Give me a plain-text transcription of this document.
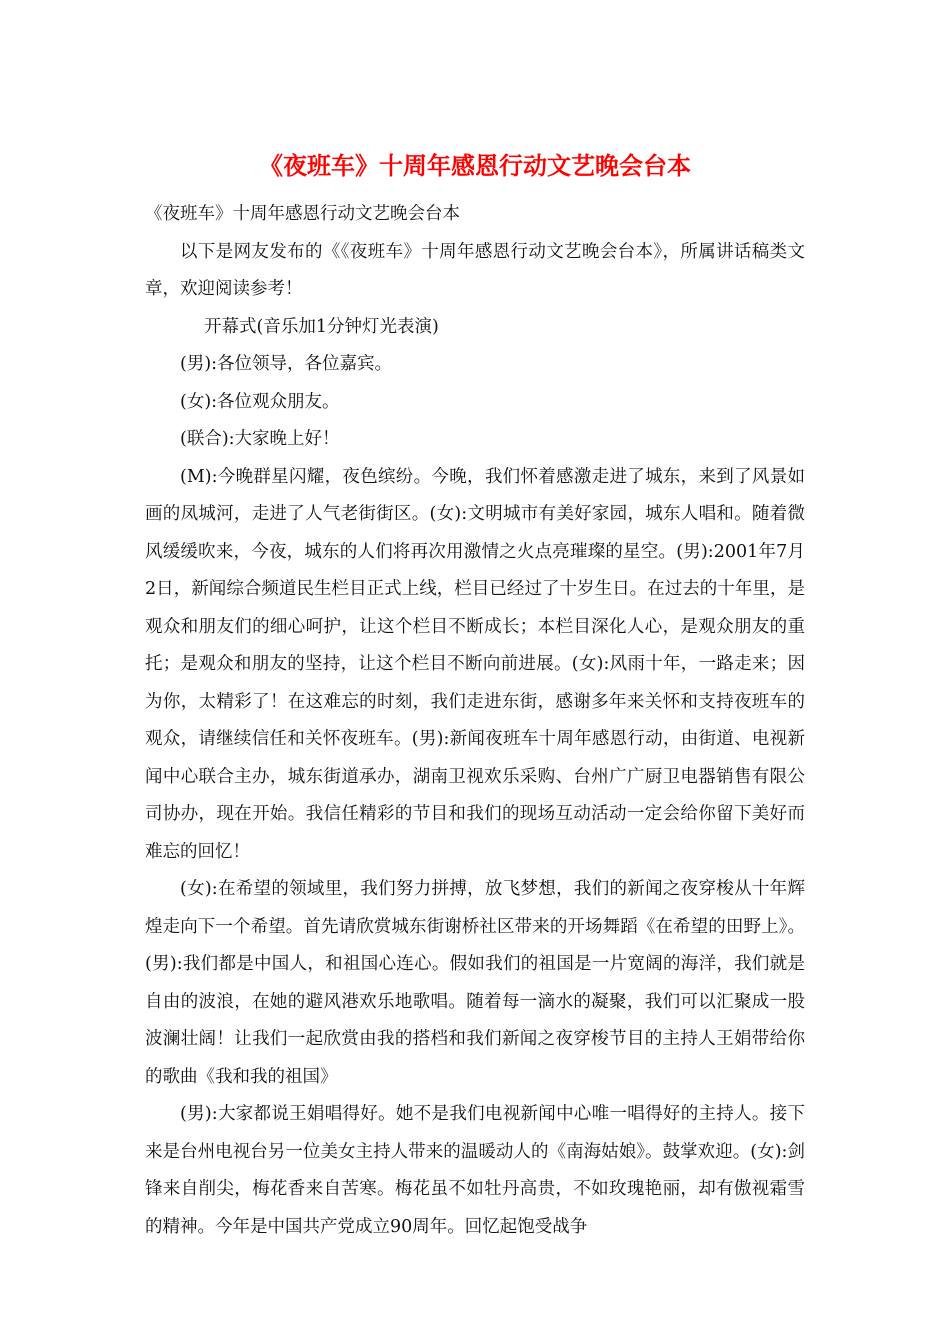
《夜班车》十周年感恩行动文艺晚会台本

《夜班车》十周年感恩行动文艺晚会台本

以下是网友发布的《《夜班车》十周年感恩行动文艺晚会台本》，所属讲话稿类文章，欢迎阅读参考！

开幕式(音乐加1分钟灯光表演)

(男):各位领导，各位嘉宾。

(女):各位观众朋友。

(联合):大家晚上好！

(M):今晚群星闪耀，夜色缤纷。今晚，我们怀着感激走进了城东，来到了风景如画的凤城河，走进了人气老街街区。(女):文明城市有美好家园，城东人唱和。随着微风缓缓吹来，今夜，城东的人们将再次用激情之火点亮璀璨的星空。(男):2001年7月2日，新闻综合频道民生栏目正式上线，栏目已经过了十岁生日。在过去的十年里，是观众和朋友们的细心呵护，让这个栏目不断成长；本栏目深化人心，是观众朋友的重托；是观众和朋友的坚持，让这个栏目不断向前进展。(女):风雨十年，一路走来；因为你，太精彩了！在这难忘的时刻，我们走进东街，感谢多年来关怀和支持夜班车的观众，请继续信任和关怀夜班车。(男):新闻夜班车十周年感恩行动，由街道、电视新闻中心联合主办，城东街道承办，湖南卫视欢乐采购、台州广广厨卫电器销售有限公司协办，现在开始。我信任精彩的节目和我们的现场互动活动一定会给你留下美好而难忘的回忆！

(女):在希望的领域里，我们努力拼搏，放飞梦想，我们的新闻之夜穿梭从十年辉煌走向下一个希望。首先请欣赏城东街谢桥社区带来的开场舞蹈《在希望的田野上》。(男):我们都是中国人，和祖国心连心。假如我们的祖国是一片宽阔的海洋，我们就是自由的波浪，在她的避风港欢乐地歌唱。随着每一滴水的凝聚，我们可以汇聚成一股波澜壮阔！让我们一起欣赏由我的搭档和我们新闻之夜穿梭节目的主持人王娟带给你的歌曲《我和我的祖国》

(男):大家都说王娟唱得好。她不是我们电视新闻中心唯一唱得好的主持人。接下来是台州电视台另一位美女主持人带来的温暖动人的《南海姑娘》。鼓掌欢迎。(女):剑锋来自削尖，梅花香来自苦寒。梅花虽不如牡丹高贵，不如玫瑰艳丽，却有傲视霜雪的精神。今年是中国共产党成立90周年。回忆起饱受战争
